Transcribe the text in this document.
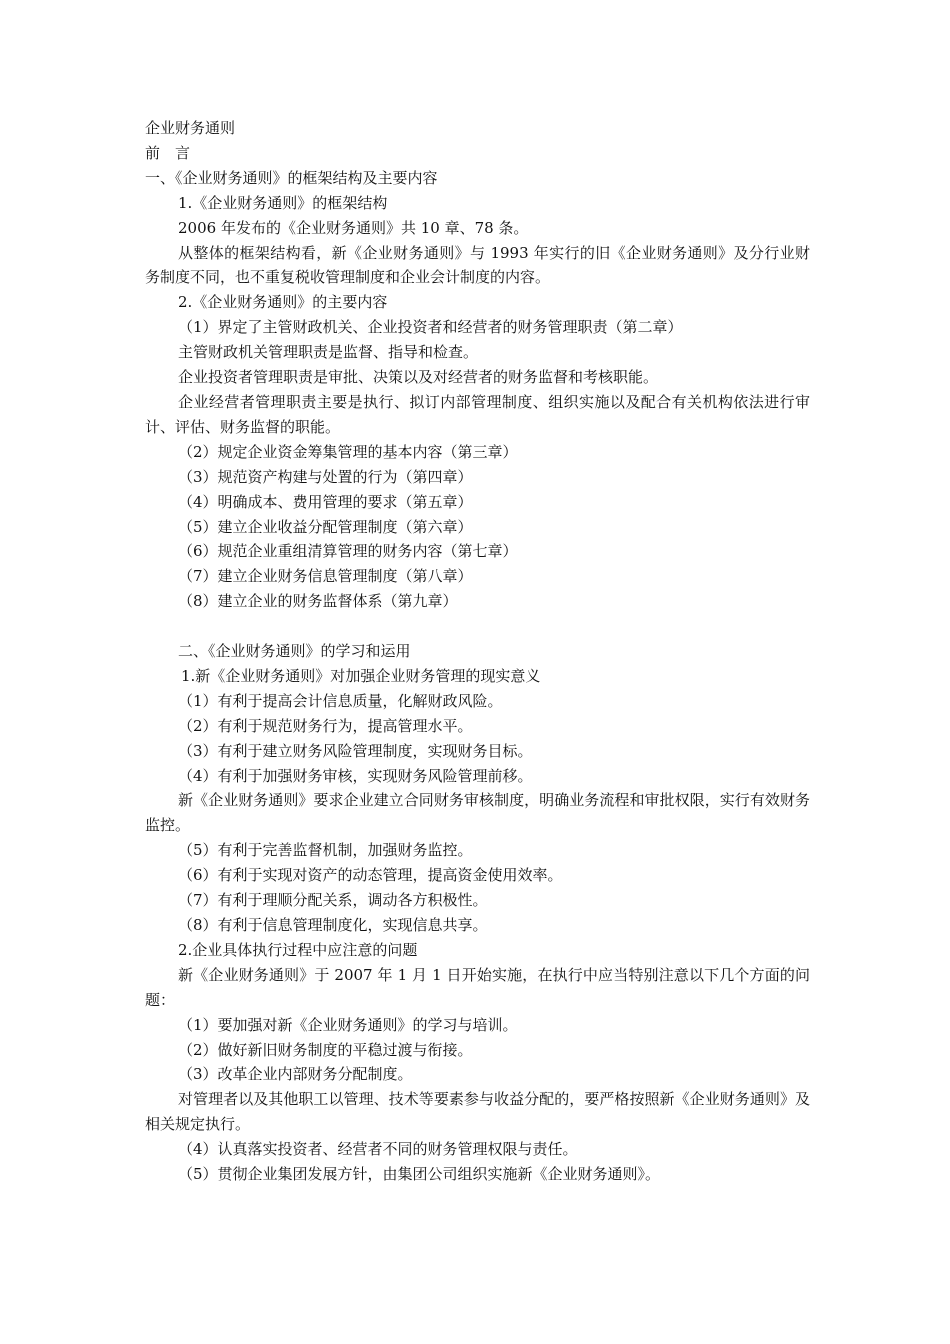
企业财务通则

前　言

一、《企业财务通则》的框架结构及主要内容

1.《企业财务通则》的框架结构

2006 年发布的《企业财务通则》共 10 章、78 条。

从整体的框架结构看，新《企业财务通则》与 1993 年实行的旧《企业财务通则》及分行业财务制度不同，也不重复税收管理制度和企业会计制度的内容。

2.《企业财务通则》的主要内容

（1）界定了主管财政机关、企业投资者和经营者的财务管理职责（第二章）

主管财政机关管理职责是监督、指导和检查。

企业投资者管理职责是审批、决策以及对经营者的财务监督和考核职能。

企业经营者管理职责主要是执行、拟订内部管理制度、组织实施以及配合有关机构依法进行审计、评估、财务监督的职能。

（2）规定企业资金筹集管理的基本内容（第三章）

（3）规范资产构建与处置的行为（第四章）

（4）明确成本、费用管理的要求（第五章）

（5）建立企业收益分配管理制度（第六章）

（6）规范企业重组清算管理的财务内容（第七章）

（7）建立企业财务信息管理制度（第八章）

（8）建立企业的财务监督体系（第九章）

二、《企业财务通则》的学习和运用

1.新《企业财务通则》对加强企业财务管理的现实意义

（1）有利于提高会计信息质量，化解财政风险。

（2）有利于规范财务行为，提高管理水平。

（3）有利于建立财务风险管理制度，实现财务目标。

（4）有利于加强财务审核，实现财务风险管理前移。

新《企业财务通则》要求企业建立合同财务审核制度，明确业务流程和审批权限，实行有效财务监控。

（5）有利于完善监督机制，加强财务监控。

（6）有利于实现对资产的动态管理，提高资金使用效率。

（7）有利于理顺分配关系，调动各方积极性。

（8）有利于信息管理制度化，实现信息共享。

2.企业具体执行过程中应注意的问题

新《企业财务通则》于 2007 年 1 月 1 日开始实施，在执行中应当特别注意以下几个方面的问题：

（1）要加强对新《企业财务通则》的学习与培训。

（2）做好新旧财务制度的平稳过渡与衔接。

（3）改革企业内部财务分配制度。

对管理者以及其他职工以管理、技术等要素参与收益分配的，要严格按照新《企业财务通则》及相关规定执行。

（4）认真落实投资者、经营者不同的财务管理权限与责任。

（5）贯彻企业集团发展方针，由集团公司组织实施新《企业财务通则》。
